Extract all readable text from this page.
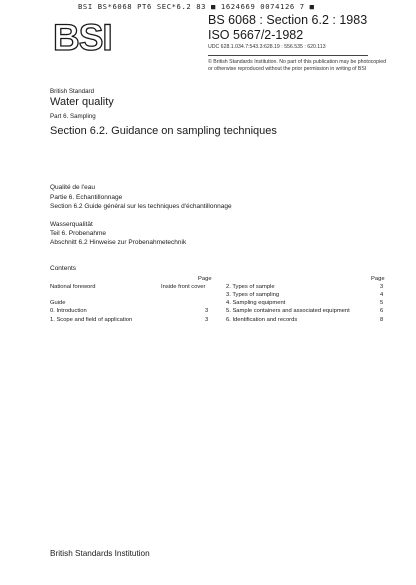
BSI BS*6068 PT6 SEC*6.2 83 ■ 1624669 0074126 7 ■
BSI	BS 6068 : Section 6.2 : 1983
ISO 5667/2-1982
UDC 628.1.034.7:543.3:628.19 : 556.535 : 620.113
© British Standards Institution. No part of this publication may be photocopied
or otherwise reproduced without the prior permission in writing of BSI
British Standard
Water quality
Part 6. Sampling
Section 6.2. Guidance on sampling techniques
Qualité de l'eau
Partie 6. Echantillonnage
Section 6.2 Guide général sur les techniques d'échantillonnage
Wasserqualität
Teil 6. Probenahme
Abschnitt 6.2 Hinweise zur Probenahmetechnik
Contents
Page	Page
National foreword	Inside front cover
Guide
0. Introduction	3
1. Scope and field of application	3
2. Types of sample	3
3. Types of sampling	4
4. Sampling equipment	5
5. Sample containers and associated equipment	6
6. Identification and records	8
British Standards Institution
